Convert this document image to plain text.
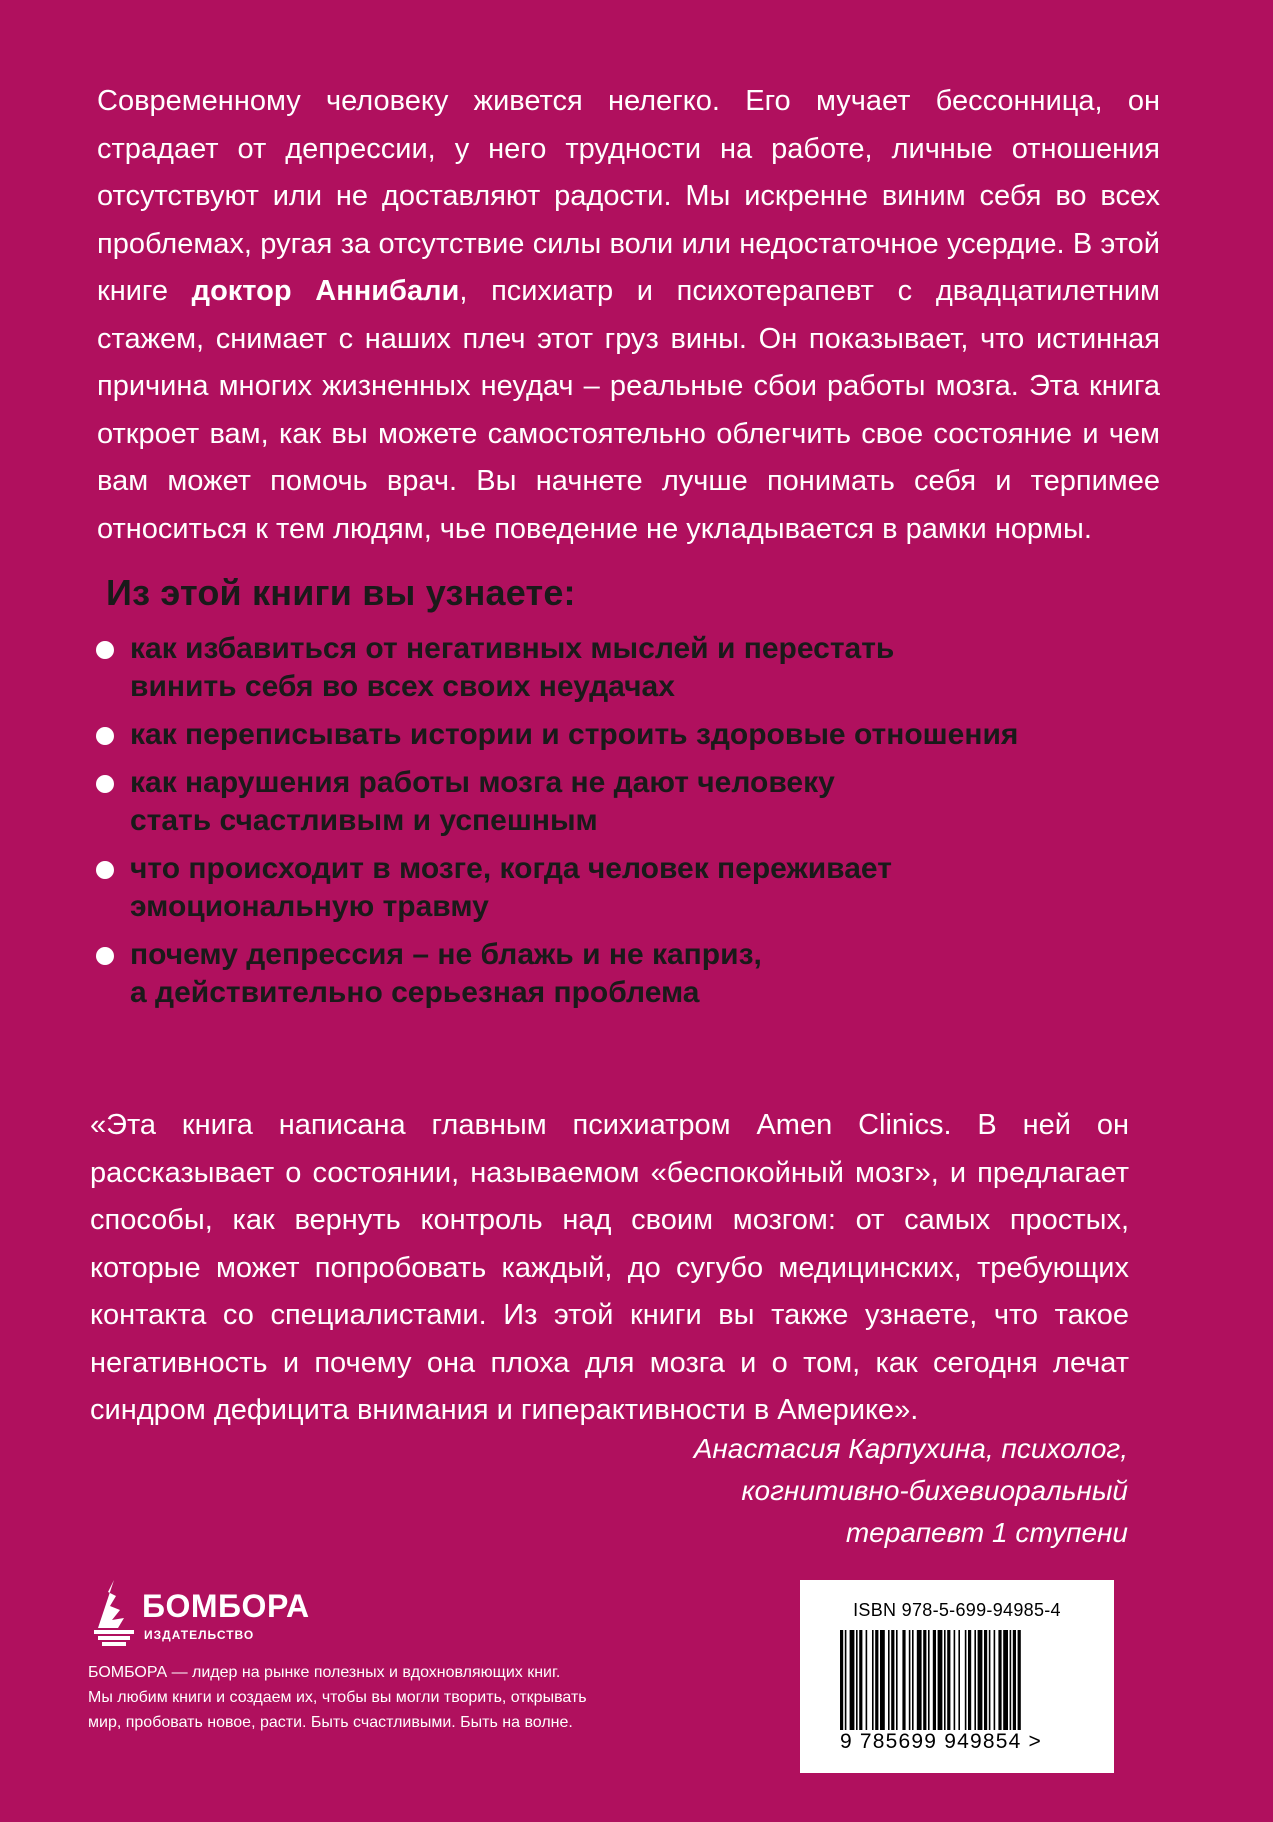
Современному человеку живется нелегко. Его мучает бессонница, он страдает от депрессии, у него трудности на работе, личные отношения отсутствуют или не доставляют радости. Мы искренне виним себя во всех проблемах, ругая за отсутствие силы воли или недостаточное усердие. В этой книге доктор Аннибали, психиатр и психотерапевт с двадцатилетним стажем, снимает с наших плеч этот груз вины. Он показывает, что истинная причина многих жизненных неудач – реальные сбои работы мозга. Эта книга откроет вам, как вы можете самостоятельно облегчить свое состояние и чем вам может помочь врач. Вы начнете лучше понимать себя и терпимее относиться к тем людям, чье поведение не укладывается в рамки нормы.
Из этой книги вы узнаете:
как избавиться от негативных мыслей и перестать
винить себя во всех своих неудачах
как переписывать истории и строить здоровые отношения
как нарушения работы мозга не дают человеку
стать счастливым и успешным
что происходит в мозге, когда человек переживает
эмоциональную травму
почему депрессия – не блажь и не каприз,
а действительно серьезная проблема
«Эта книга написана главным психиатром Amen Clinics. В ней он рассказывает о состоянии, называемом «беспокойный мозг», и предлагает способы, как вернуть контроль над своим мозгом: от самых простых, которые может попробовать каждый, до сугубо медицинских, требующих контакта со специалистами. Из этой книги вы также узнаете, что такое негативность и почему она плоха для мозга и о том, как сегодня лечат синдром дефицита внимания и гиперактивности в Америке».
Анастасия Карпухина, психолог,
когнитивно-бихевиоральный
терапевт 1 ступени
БОМБОРА
ИЗДАТЕЛЬСТВО
БОМБОРА — лидер на рынке полезных и вдохновляющих книг. Мы любим книги и создаем их, чтобы вы могли творить, открывать мир, пробовать новое, расти. Быть счастливыми. Быть на волне.
ISBN 978-5-699-94985-4
9 785699 949854 >
